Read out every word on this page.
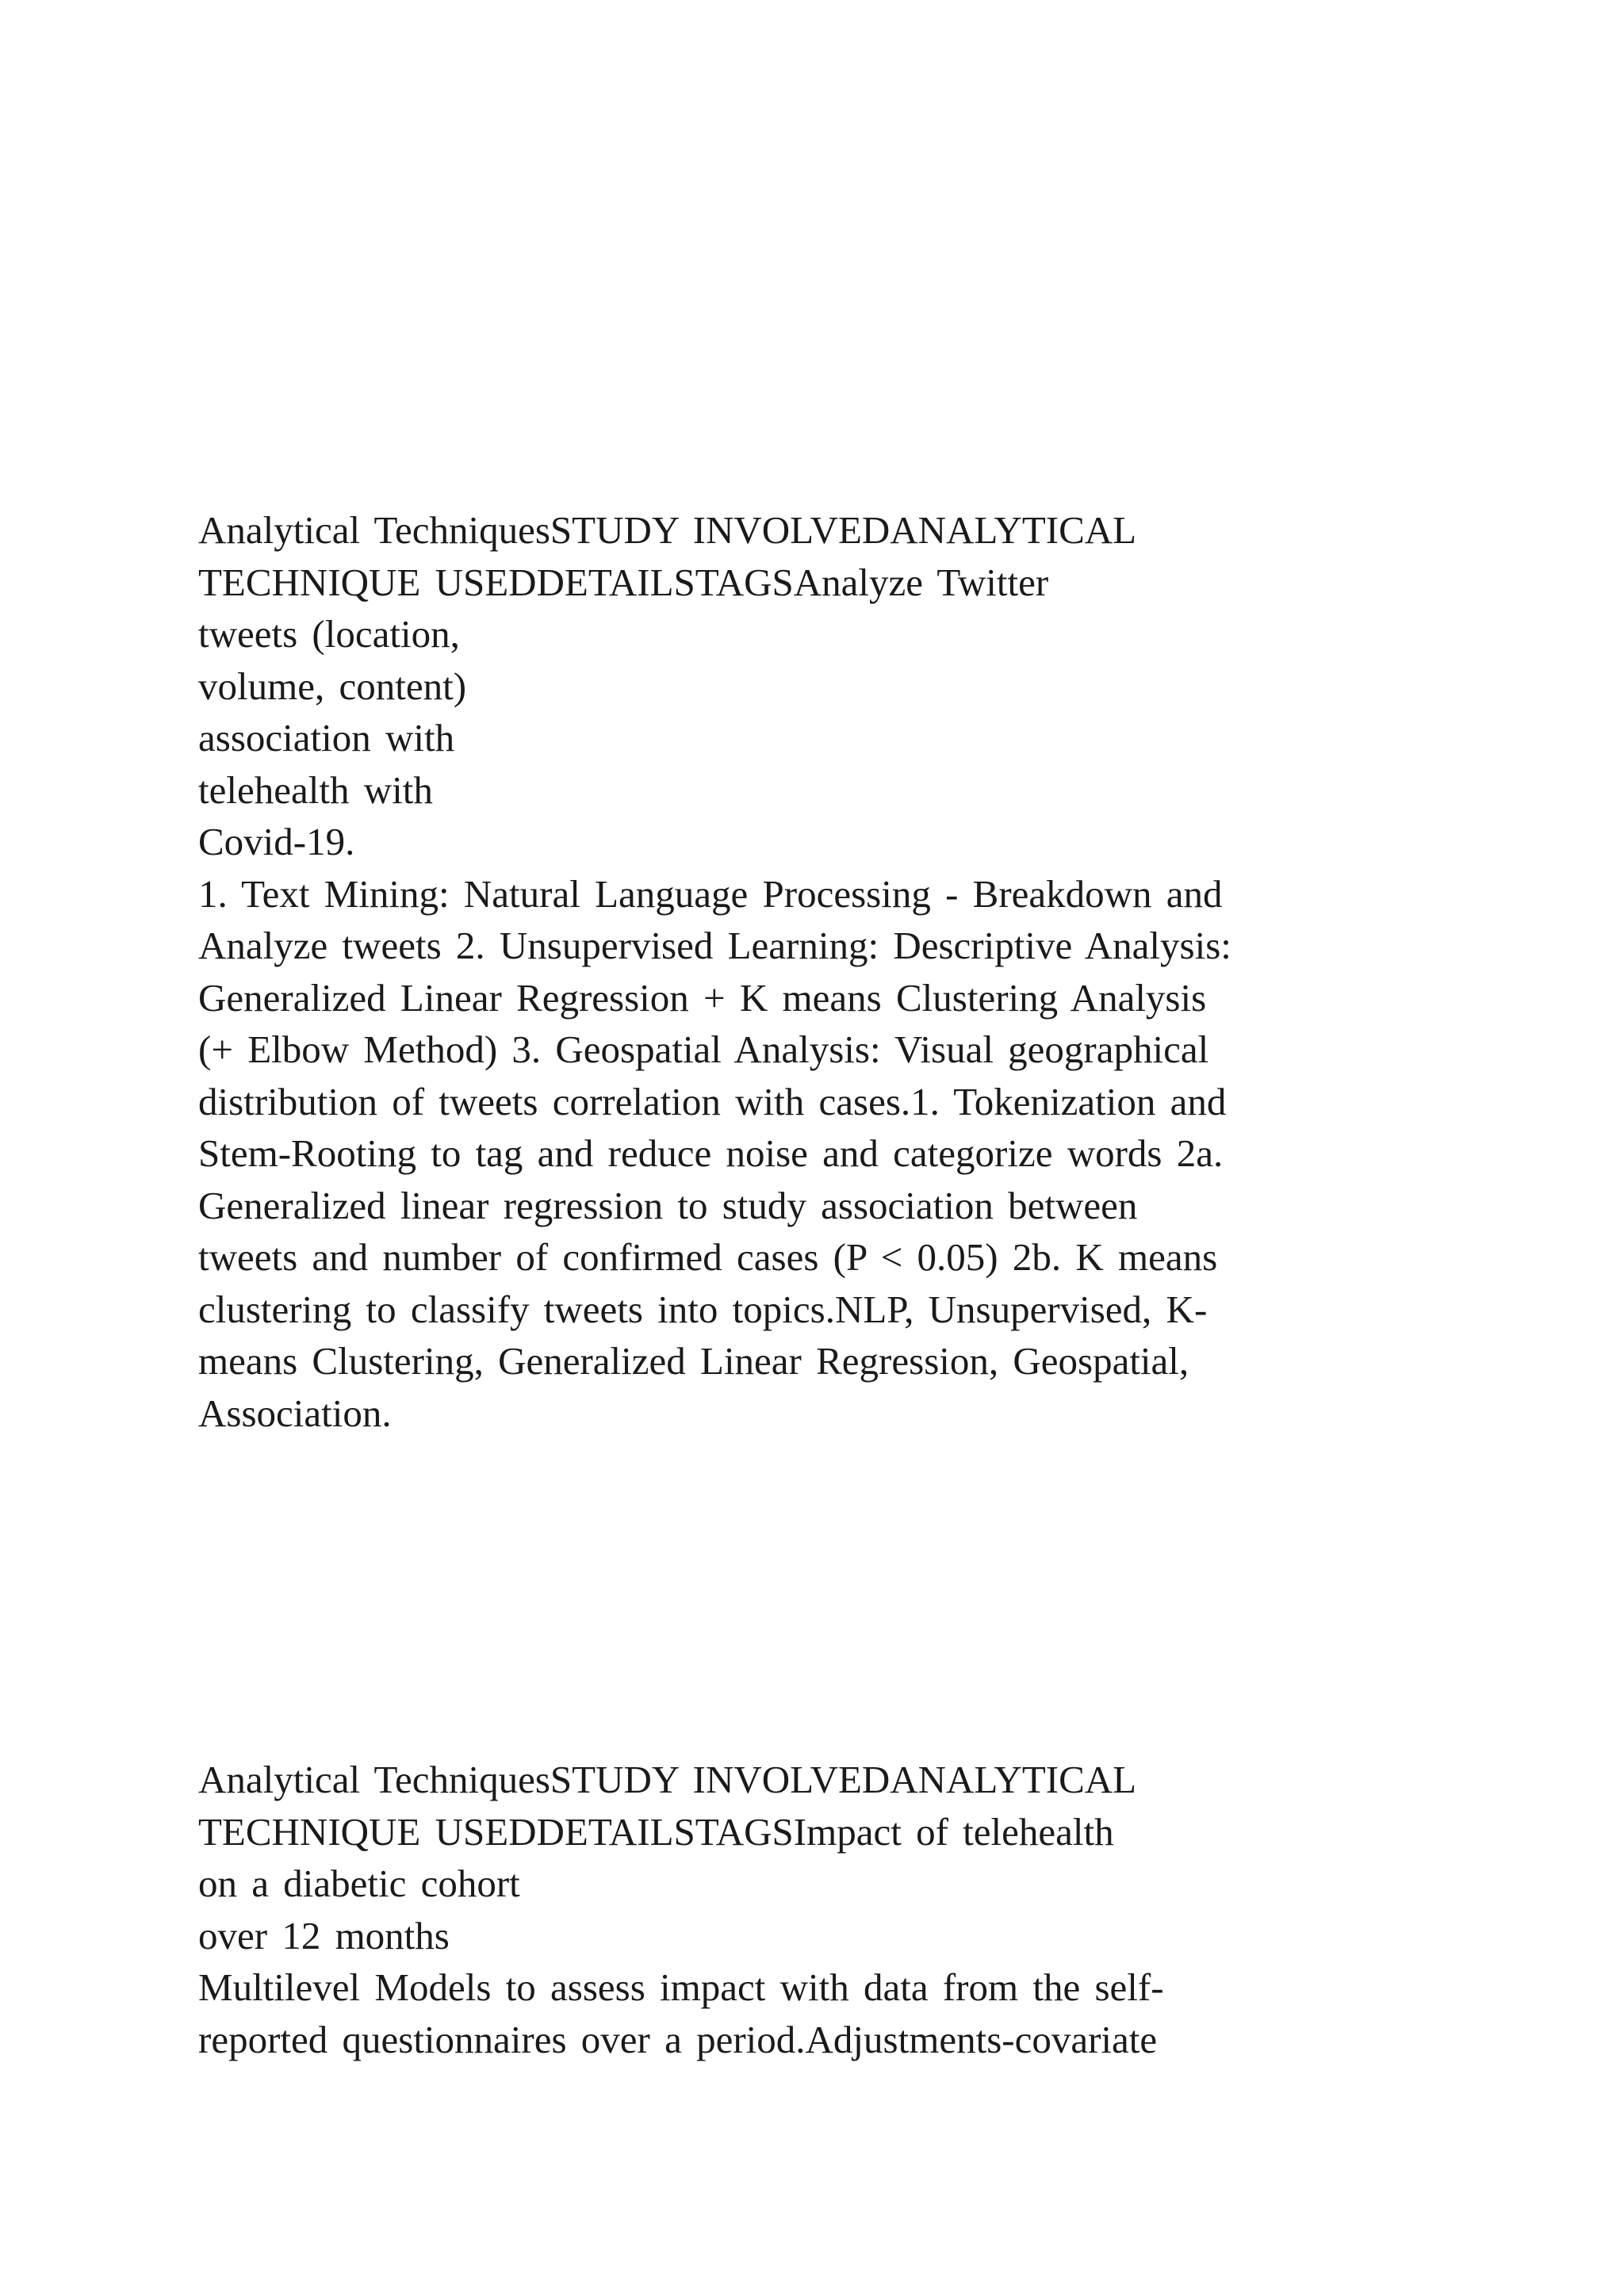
Analytical TechniquesSTUDY INVOLVEDANALYTICAL
TECHNIQUE USEDDETAILSTAGSAnalyze Twitter
tweets (location,
volume, content)
association with
telehealth with
Covid-19.
1. Text Mining: Natural Language Processing - Breakdown and
Analyze tweets 2. Unsupervised Learning: Descriptive Analysis:
Generalized Linear Regression + K means Clustering Analysis
(+ Elbow Method) 3. Geospatial Analysis: Visual geographical
distribution of tweets correlation with cases.1. Tokenization and
Stem-Rooting to tag and reduce noise and categorize words 2a.
Generalized linear regression to study association between
tweets and number of confirmed cases (P < 0.05) 2b. K means
clustering to classify tweets into topics.NLP, Unsupervised, K-
means Clustering, Generalized Linear Regression, Geospatial,
Association.
Analytical TechniquesSTUDY INVOLVEDANALYTICAL
TECHNIQUE USEDDETAILSTAGSImpact of telehealth
on a diabetic cohort
over 12 months
Multilevel Models to assess impact with data from the self-
reported questionnaires over a period.Adjustments-covariate
